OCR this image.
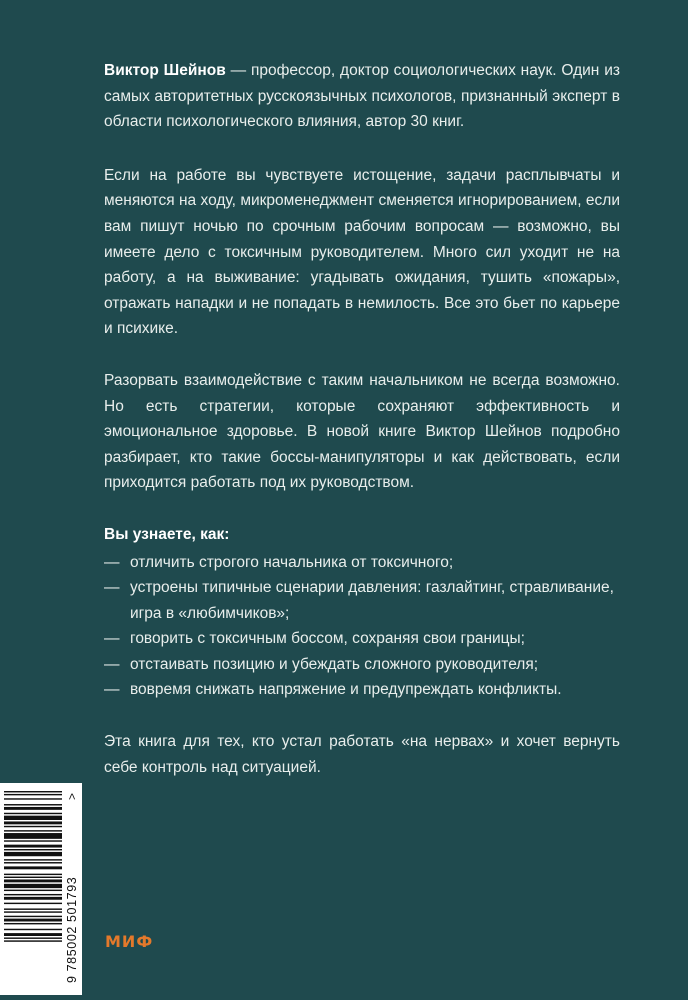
Виктор Шейнов — профессор, доктор социологических наук. Один из самых авторитетных русскоязычных психологов, признанный эксперт в области психологического влияния, автор 30 книг.

Если на работе вы чувствуете истощение, задачи расплывчаты и меняются на ходу, микроменеджмент сменяется игнорированием, если вам пишут ночью по срочным рабочим вопросам — возможно, вы имеете дело с токсичным руководителем. Много сил уходит не на работу, а на выживание: угадывать ожидания, тушить «пожары», отражать нападки и не попадать в немилость. Все это бьет по карьере и психике.

Разорвать взаимодействие с таким начальником не всегда возможно. Но есть стратегии, которые сохраняют эффективность и эмоциональное здоровье. В новой книге Виктор Шейнов подробно разбирает, кто такие боссы-манипуляторы и как действовать, если приходится работать под их руководством.

Вы узнаете, как:
— отличить строгого начальника от токсичного;
— устроены типичные сценарии давления: газлайтинг, стравливание, игра в «любимчиков»;
— говорить с токсичным боссом, сохраняя свои границы;
— отстаивать позицию и убеждать сложного руководителя;
— вовремя снижать напряжение и предупреждать конфликты.

Эта книга для тех, кто устал работать «на нервах» и хочет вернуть себе контроль над ситуацией.

9 785002 501793
>
МИФ
